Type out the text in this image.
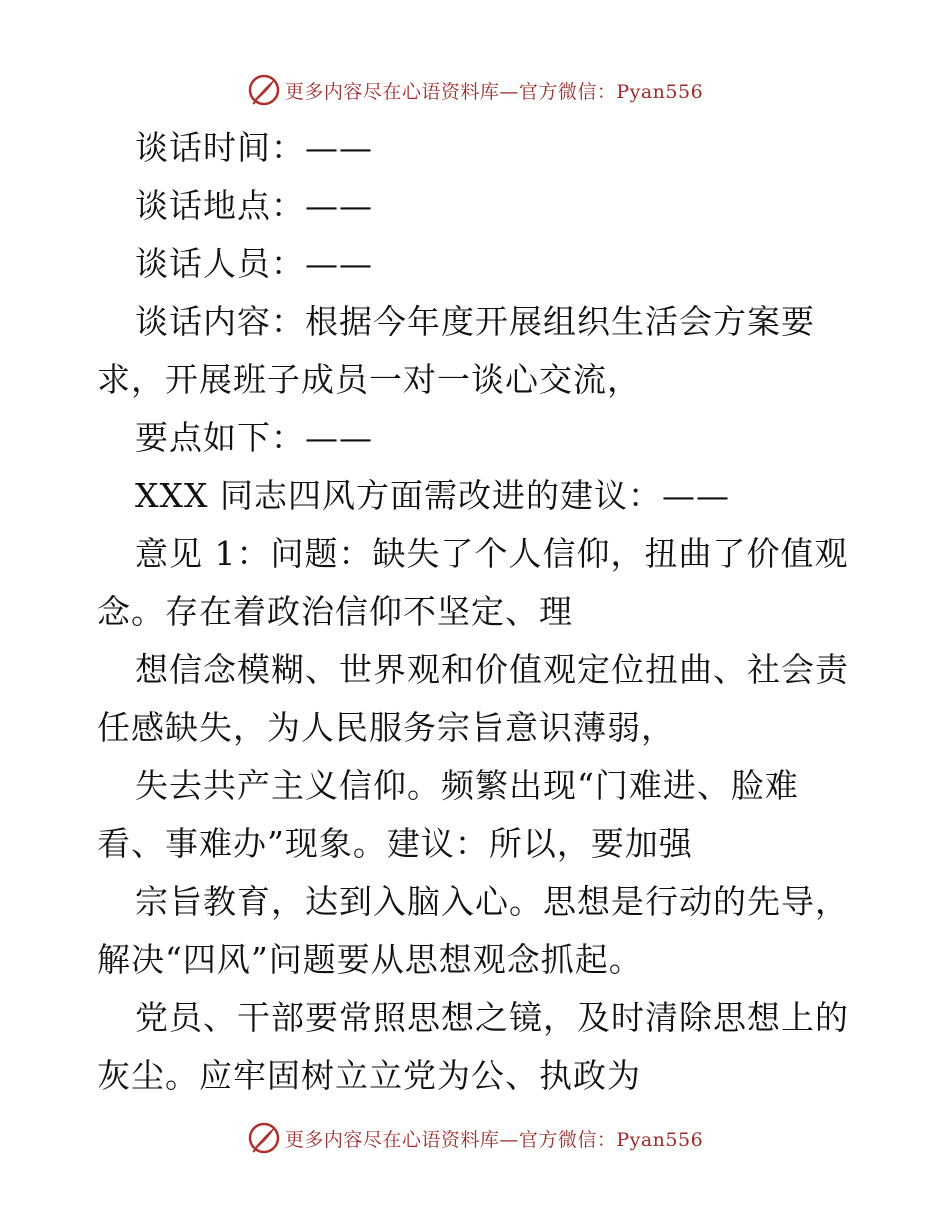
更多内容尽在心语资料库—官方微信：Pyan556
谈话时间：——
谈话地点：——
谈话人员：——
谈话内容：根据今年度开展组织生活会方案要
求，开展班子成员一对一谈心交流，
要点如下：——
XXX 同志四风方面需改进的建议：——
意见 1：问题：缺失了个人信仰，扭曲了价值观
念。存在着政治信仰不坚定、理
想信念模糊、世界观和价值观定位扭曲、社会责
任感缺失，为人民服务宗旨意识薄弱，
失去共产主义信仰。频繁出现“门难进、脸难
看、事难办”现象。建议：所以，要加强
宗旨教育，达到入脑入心。思想是行动的先导，
解决“四风”问题要从思想观念抓起。
党员、干部要常照思想之镜，及时清除思想上的
灰尘。应牢固树立立党为公、执政为
更多内容尽在心语资料库—官方微信：Pyan556
